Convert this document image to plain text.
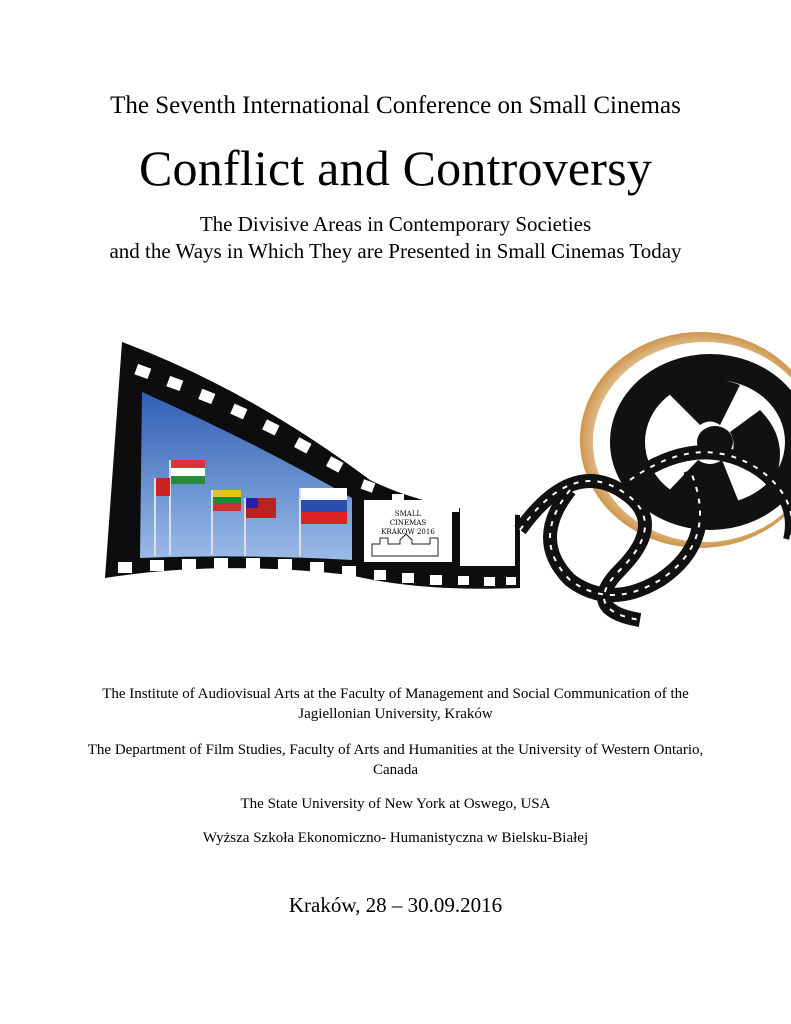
The Seventh International Conference on Small Cinemas
Conflict and Controversy
The Divisive Areas in Contemporary Societies
and the Ways in Which They are Presented in Small Cinemas Today
SMALL
CINEMAS
KRAKOW 2016
The Institute of Audiovisual Arts at the Faculty of Management and Social Communication of the Jagiellonian University, Kraków
The Department of Film Studies, Faculty of Arts and Humanities at the University of Western Ontario, Canada
The State University of New York at Oswego, USA
Wyższa Szkoła Ekonomiczno- Humanistyczna w Bielsku-Białej
Kraków, 28 – 30.09.2016
